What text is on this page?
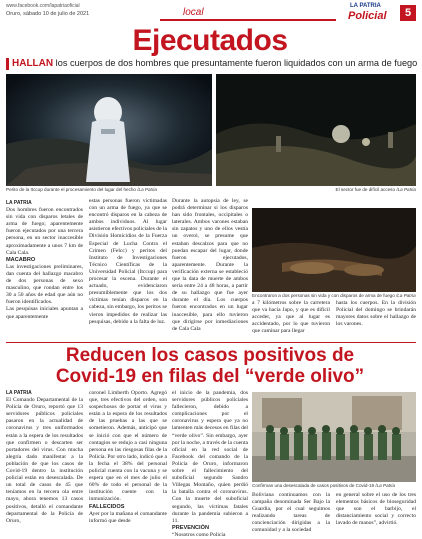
www.facebook.com/lapatriaoficial
Oruro, sábado 10 de julio de 2021	local
LA PATRIA
Policial	5
Ejecutados
HALLAN los cuerpos de dos hombres que presuntamente fueron liquidados con un arma de fuego
Perito de la Itccup durante el procesamiento del lugar del hecho /La Patria	El sector fue de difícil acceso /La Patria
Encontraron a dos personas sin vida y con disparos de arma de fuego /La Patria
LA PATRIA

Dos hombres fueron encontrados sin vida con disparos letales de arma de fuego; aparentemente fueron ejecutados por una tercera persona, en un sector inaccesible aproximadamente a unos 7 km de Cala Cala.

MACABRO

Las investigaciones preliminares, dan cuenta del hallazgo macabro de dos personas de sexo masculino, que rondan entre los 30 a 50 años de edad que aún no fueron identificados.

Las pesquisas iniciales apuntan a que aparentemente

estas personas fueron victimadas con un arma de fuego, ya que se encontró disparos en la cabeza de ambos individuos. Al lugar asistieron efectivos policiales de la División Homicidios de la Fuerza Especial de Lucha Contra el Crimen (Felcc) y peritos del Instituto de Investigaciones Técnico Científicas de la Universidad Policial (Itccup) para procesar la escena. Durante el actuado, evidenciaron presumiblemente que los dos víctimas tenían disparos en la cabeza, sin embargo, los peritos se vieron impedidos de realizar las pesquisas, debido a la falta de luz.

Durante la autopsia de ley, se podrá determinar si los disparos han sido frontales, occipitales o laterales. Ambos varones estaban sin zapatos y uno de ellos vestía un overol, se presume que estaban descalzos para que no puedan escapar del lugar, donde fueron ejecutados, aparentemente. Durante la verificación externa se estableció que la data de muerte de ambos sería entre 24 a 48 horas, a partir de su hallazgo que fue ayer durante el día. Los cuerpos fueron encontrados en un lugar inaccesible, para ello tuvieron que dirigirse por inmediaciones de Cala Cala

a 7 kilómetros sobre la carretera que va hacia Japo, y que es difícil acceder, ya que al lugar es accidentado, por lo que tuvieron que caminar para llegar

hasta los cuerpos. En la división Policial del domingo se brindarán mayores datos sobre el hallazgo de los varones.

Reducen los casos positivos de
Covid-19 en filas del “verde olivo”
Confirman una desescalada de casos positivos de Covid-19 /La Patria
LA PATRIA

El Comando Departamental de la Policía de Oruro, reportó que 13 servidores públicos policiales pasaron en la actualidad de coronavirus y tres uniformados están a la espera de los resultados que confirmen o descarten ser portadores del virus. Con mucha alegría dado manifestar a la población de que los casos de Covid-19 dentro la institución policial están en desescalada. De un total de casos de 45 que teníamos en la tercera ola entre mayo, ahora tenemos 13 casos positivos, detalló el comandante departamental de la Policía de Oruro,

coronel Limberth Oporto. Agregó que, tres efectivos del orden, son sospechosos de portar el virus y están a la espera de los resultados de las pruebas a las que se sometieron. Además, anticipó que se inició con que el número de contagios se redujo a casi ninguna persona en las riesgosas filas de la Policía. Por otro lado, indicó que a la fecha el 38% del personal policial cuenta con la vacuna y se espera que en el mes de julio el 60% de todo el personal de la institución cuente con la inmunización.

FALLECIDOS

Ayer por la mañana el comandante informó que desde

el inicio de la pandemia, dos servidores públicos policiales fallecieron, debido a complicaciones por el coronavirus y espera que ya no lamenten más decesos en filas del “verde olivo”. Sin embargo, ayer por la noche, a través de la cuenta oficial en la red social de Facebook del comando de la Policía de Oruro, informaron sobre el fallecimiento del suboficial segundo Sandro Villegas Montaño, quien perdió la batalla contra el coronavirus. Con la muerte del suboficial segundo, las víctimas fatales durante la pandemia subieron a 11.

PREVENCIÓN

“Nosotros como Policía

Boliviana continuamos con la campaña denominada Ser Bajo la Guardia, por el cual seguimos realizando tareas de concienciación dirigidas a la comunidad y a la sociedad

en general sobre el uso de los tres elementos básicos de bioseguridad que son el barbijo, el distanciamiento social y correcto lavado de manos”, advirtió.
